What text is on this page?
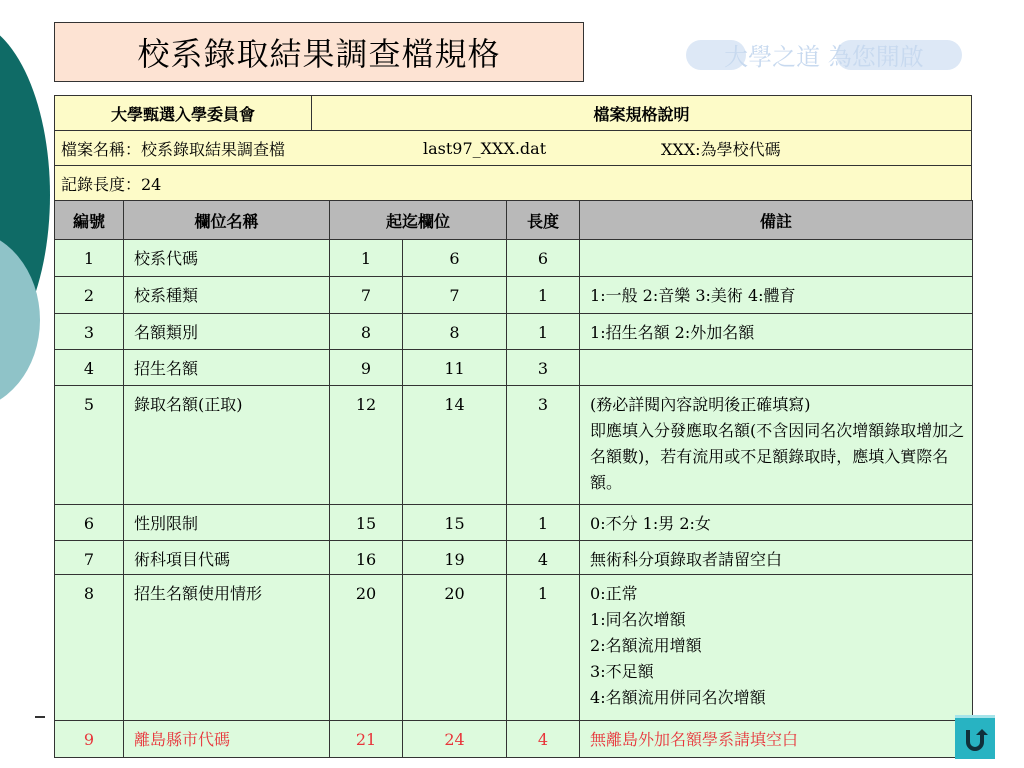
校系錄取結果調查檔規格	大學之道 為您開啟
大學甄選入學委員會	檔案規格說明
檔案名稱：校系錄取結果調查檔	last97_XXX.dat	XXX:為學校代碼
記錄長度：24
編號	欄位名稱	起迄欄位		長度	備註
1	校系代碼	1	6	6	
2	校系種類	7	7	1	1:一般 2:音樂 3:美術 4:體育
3	名額類別	8	8	1	1:招生名額 2:外加名額
4	招生名額	9	11	3	
5	錄取名額(正取)	12	14	3	(務必詳閱內容說明後正確填寫)
即應填入分發應取名額(不含因同名次增額錄取增加之名額數)，若有流用或不足額錄取時，應填入實際名額。
6	性別限制	15	15	1	0:不分 1:男 2:女
7	術科項目代碼	16	19	4	無術科分項錄取者請留空白
8	招生名額使用情形	20	20	1	0:正常
1:同名次增額
2:名額流用增額
3:不足額
4:名額流用併同名次增額
9	離島縣市代碼	21	24	4	無離島外加名額學系請填空白
